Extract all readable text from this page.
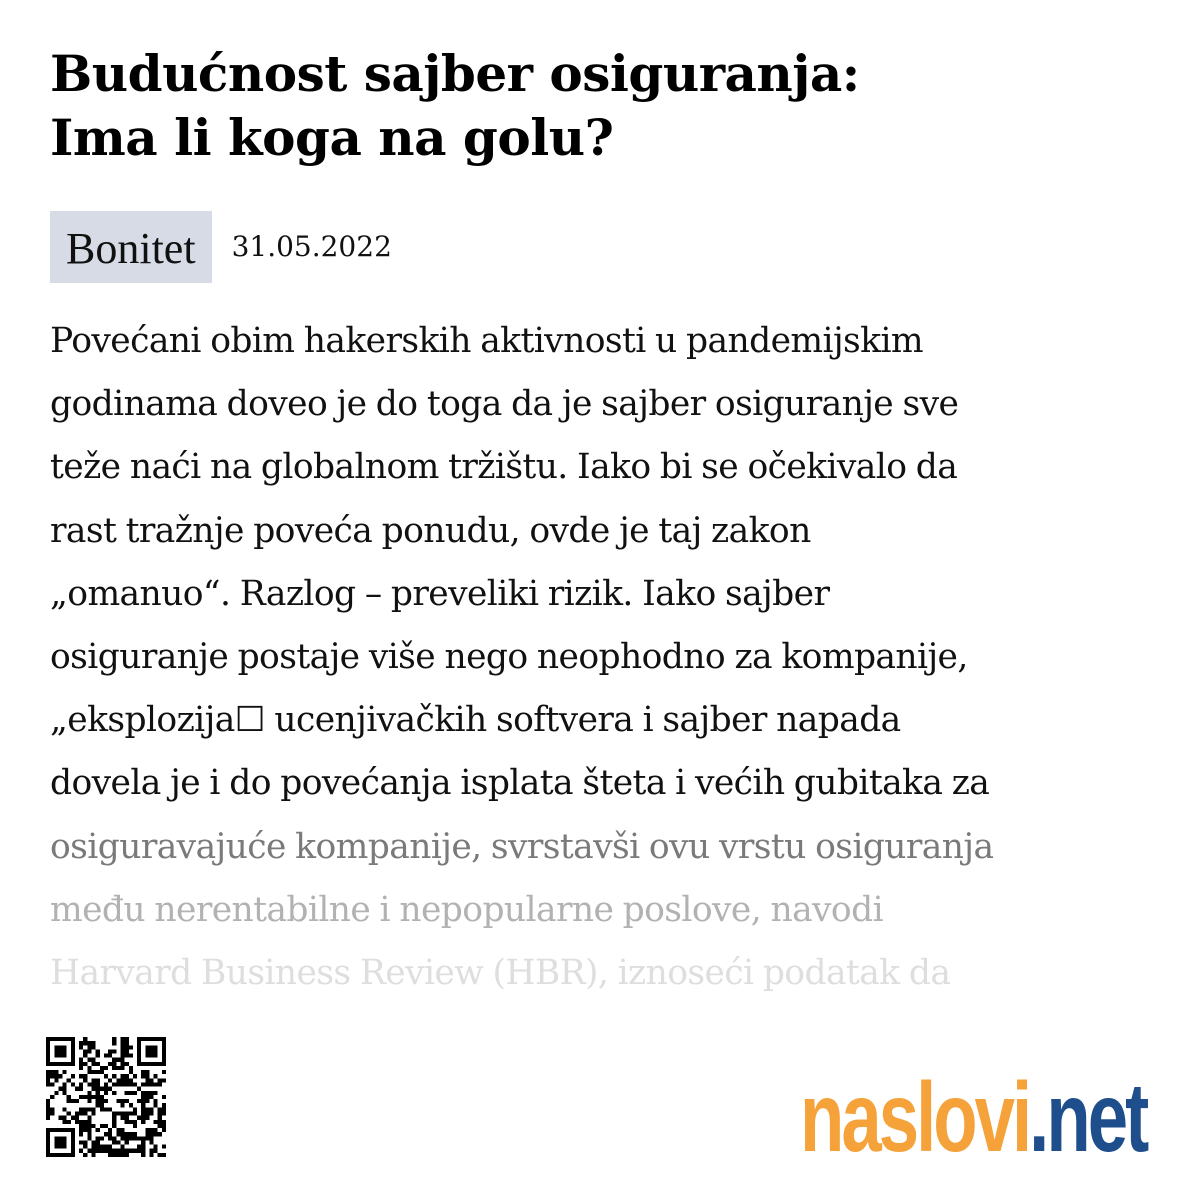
Budućnost sajber osiguranja:
Ima li koga na golu?
Bonitet	31.05.2022
Povećani obim hakerskih aktivnosti u pandemijskim
godinama doveo je do toga da je sajber osiguranje sve
teže naći na globalnom tržištu. Iako bi se očekivalo da
rast tražnje poveća ponudu, ovde je taj zakon
„omanuo“. Razlog – preveliki rizik. Iako sajber
osiguranje postaje više nego neophodno za kompanije,
„eksplozija☐ ucenjivačkih softvera i sajber napada
dovela je i do povećanja isplata šteta i većih gubitaka za
osiguravajuće kompanije, svrstavši ovu vrstu osiguranja
među nerentabilne i nepopularne poslove, navodi
Harvard Business Review (HBR), iznoseći podatak da
naslovi.net
